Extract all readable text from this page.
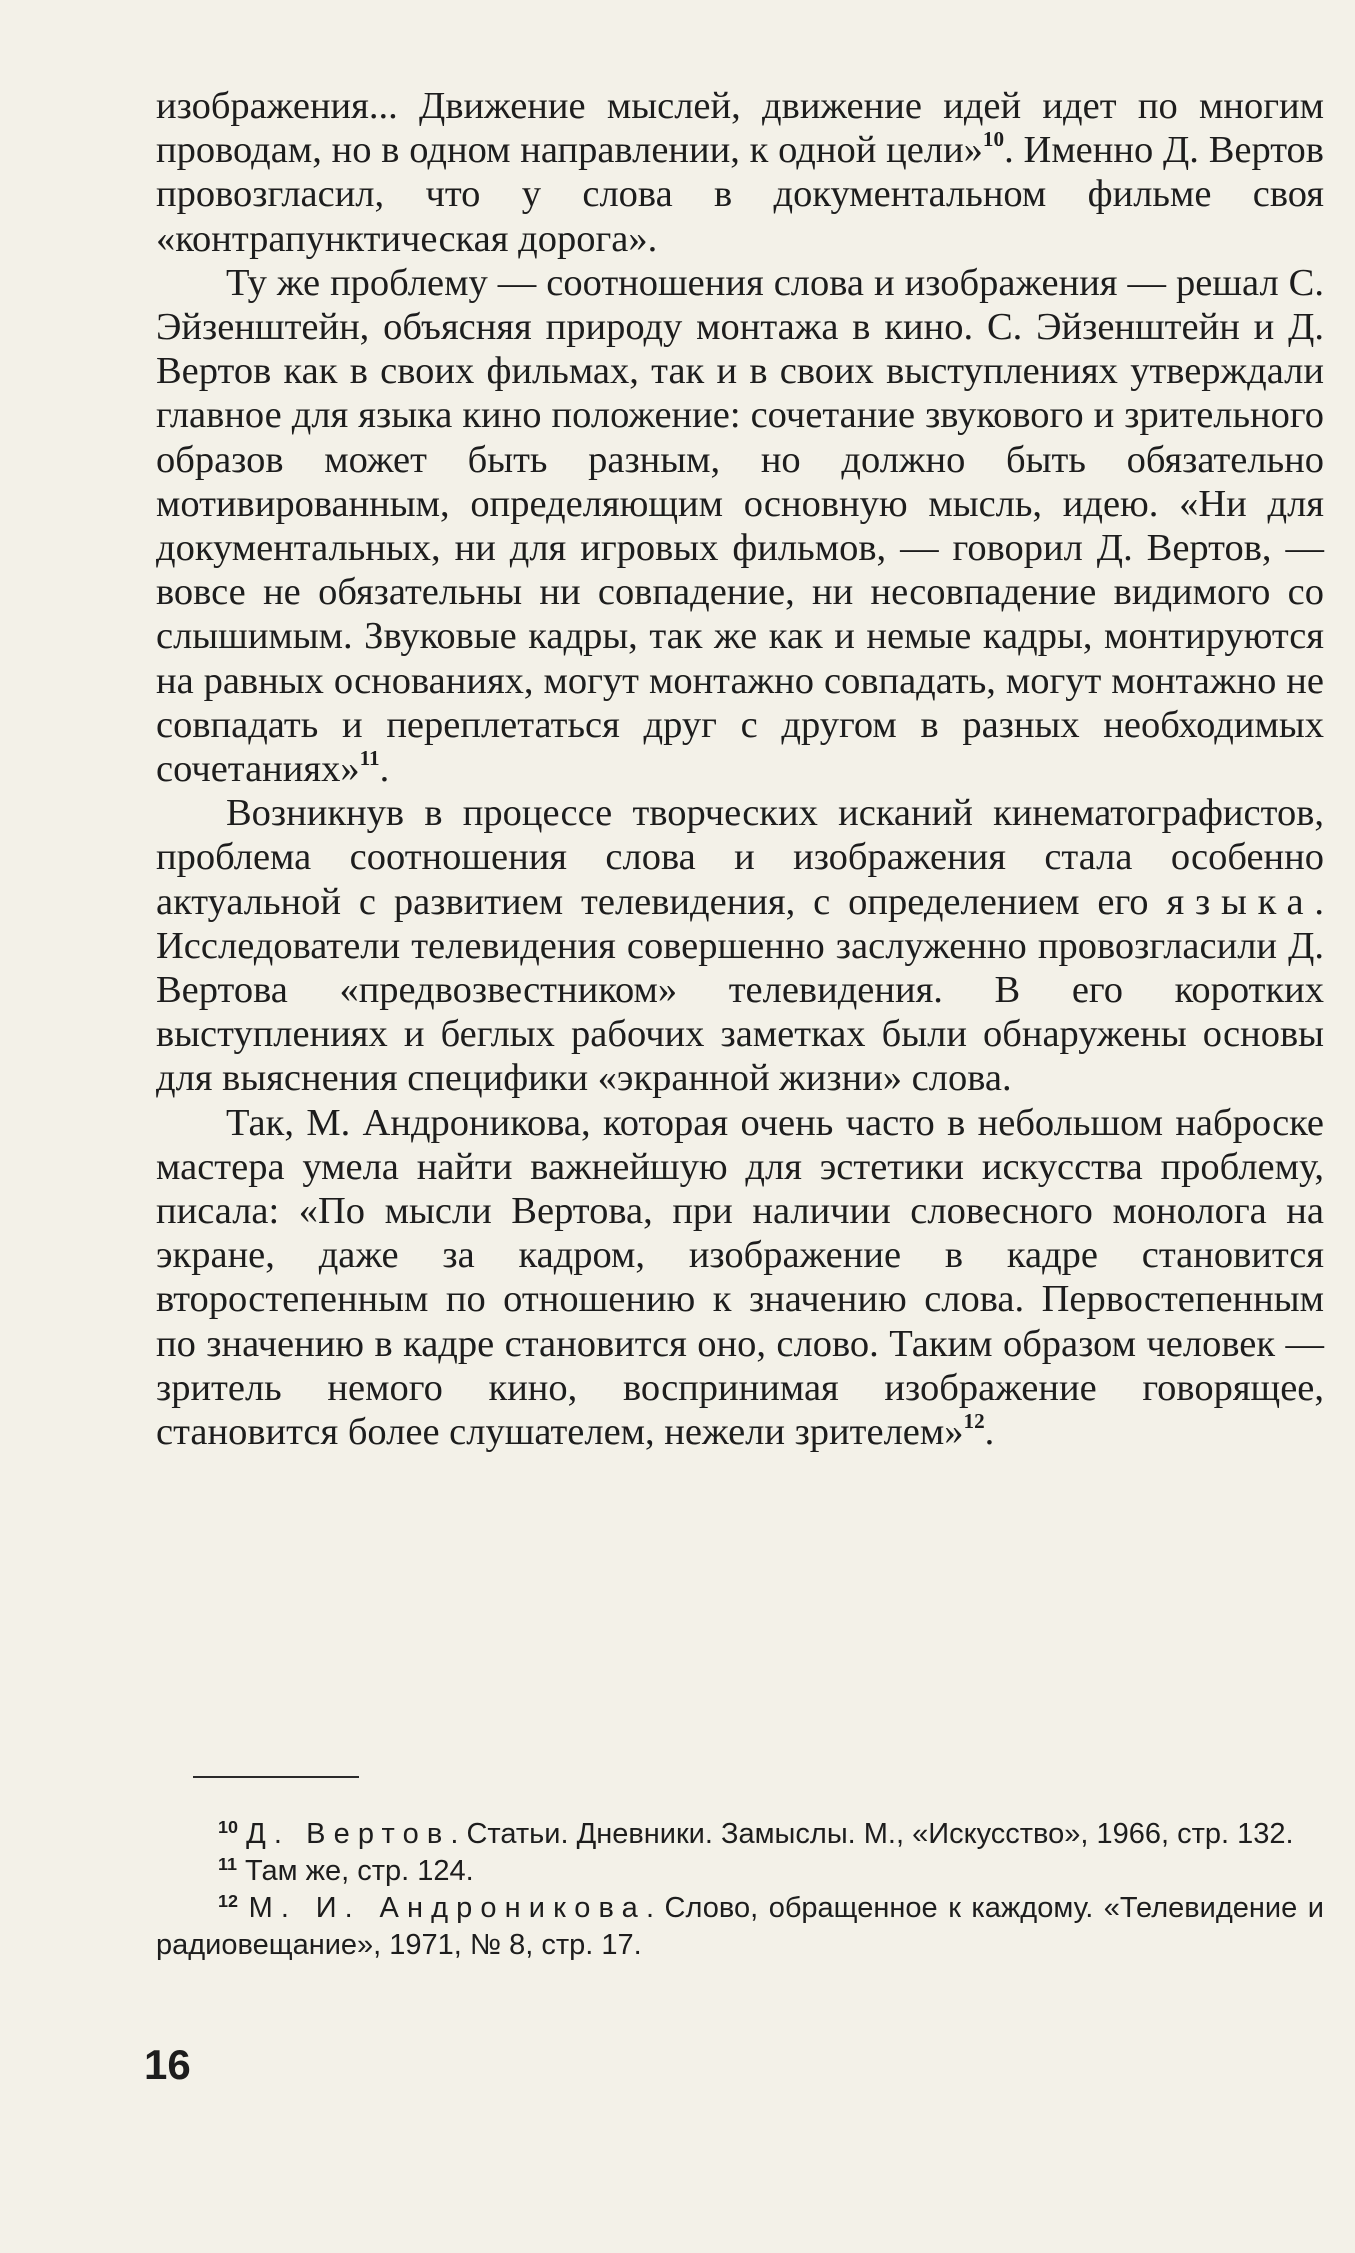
изображения... Движение мыслей, движение идей идет по многим проводам, но в одном направлении, к одной цели»$^{10}$. Именно Д. Вертов провозгласил, что у слова в документальном фильме своя «контрапунктическая дорога».

Ту же проблему — соотношения слова и изображения — решал С. Эйзенштейн, объясняя природу монтажа в кино. С. Эйзенштейн и Д. Вертов как в своих фильмах, так и в своих выступлениях утверждали главное для языка кино положение: сочетание звукового и зрительного образов может быть разным, но должно быть обязательно мотивированным, определяющим основную мысль, идею. «Ни для документальных, ни для игровых фильмов, — говорил Д. Вертов, — вовсе не обязательны ни совпадение, ни несовпадение видимого со слышимым. Звуковые кадры, так же как и немые кадры, монтируются на равных основаниях, могут монтажно совпадать, могут монтажно не совпадать и переплетаться друг с другом в разных необходимых сочетаниях»$^{11}$.

Возникнув в процессе творческих исканий кинематографистов, проблема соотношения слова и изображения стала особенно актуальной с развитием телевидения, с определением его языка. Исследователи телевидения совершенно заслуженно провозгласили Д. Вертова «предвозвестником» телевидения. В его коротких выступлениях и беглых рабочих заметках были обнаружены основы для выяснения специфики «экранной жизни» слова.

Так, М. Андроникова, которая очень часто в небольшом наброске мастера умела найти важнейшую для эстетики искусства проблему, писала: «По мысли Вертова, при наличии словесного монолога на экране, даже за кадром, изображение в кадре становится второстепенным по отношению к значению слова. Первостепенным по значению в кадре становится оно, слово. Таким образом человек — зритель немого кино, воспринимая изображение говорящее, становится более слушателем, нежели зрителем»$^{12}$.

$^{10}$ Д. Вертов. Статьи. Дневники. Замыслы. М., «Искусство», 1966, стр. 132.

$^{11}$ Там же, стр. 124.

$^{12}$ М. И. Андроникова. Слово, обращенное к каждому. «Телевидение и радиовещание», 1971, № 8, стр. 17.

16
